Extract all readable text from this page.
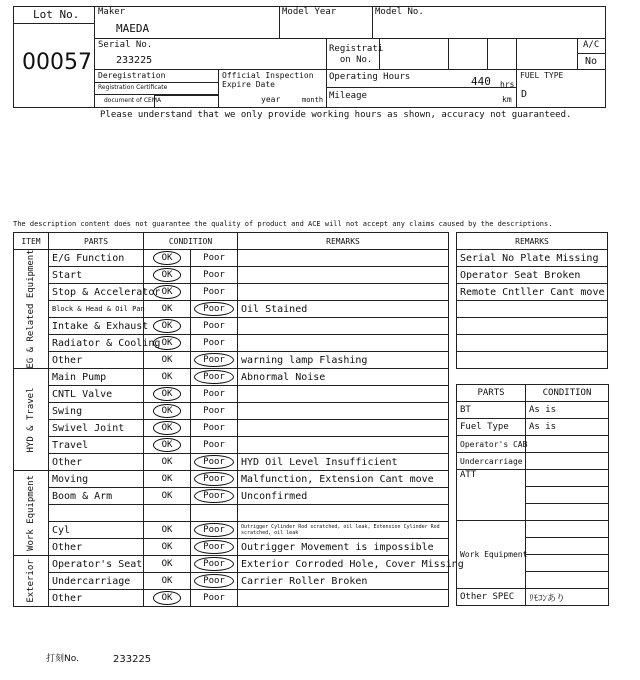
Lot No.
00057
Maker
MAEDA
Model Year	Model No.
Serial No.
233225
Registrati
on No.
A/C
No
Deregistration
Registration Certificate
document of CEMA
Official Inspection
Expire Date
year	month
Operating Hours	440 hrs
Mileage	km
FUEL TYPE
D
Please understand that we only provide working hours as shown, accuracy not guaranteed.
The description content does not guarantee the quality of product and ACE will not accept any claims caused by the descriptions.
ITEM	PARTS	CONDITION		REMARKS

EG & Related Equipment	E/G Function	OK	Poor	
	Start	OK	Poor	
	Stop & Accelerator	OK	Poor	
	Block & Head & Oil Pan	OK	Poor	Oil Stained
	Intake & Exhaust	OK	Poor	
	Radiator & Cooling	OK	Poor	
	Other	OK	Poor	warning lamp Flashing

HYD & Travel	Main Pump	OK	Poor	Abnormal Noise
	CNTL Valve	OK	Poor	
	Swing	OK	Poor	
	Swivel Joint	OK	Poor	
	Travel	OK	Poor	
	Other	OK	Poor	HYD Oil Level Insufficient

Work Equipment	Moving	OK	Poor	Malfunction, Extension Cant move
	Boom & Arm	OK	Poor	Unconfirmed

	Cyl	OK	Poor	Outrigger Cylinder Rod scratched, oil leak, Extension Cylinder Rod scratched, oil leak
	Other	OK	Poor	Outrigger Movement is impossible

Exterior	Operator's Seat	OK	Poor	Exterior Corroded Hole, Cover Missing
	Undercarriage	OK	Poor	Carrier Roller Broken
	Other	OK	Poor	
REMARKS
Serial No Plate Missing
Operator Seat Broken
Remote Cntller Cant move

PARTS	CONDITION
BT	As is
Fuel Type	As is
Operator's CAB	
Undercarriage	
ATT	

Work Equipment	

Other SPEC	ﾘﾓｺﾝあり
打刻No.	233225
